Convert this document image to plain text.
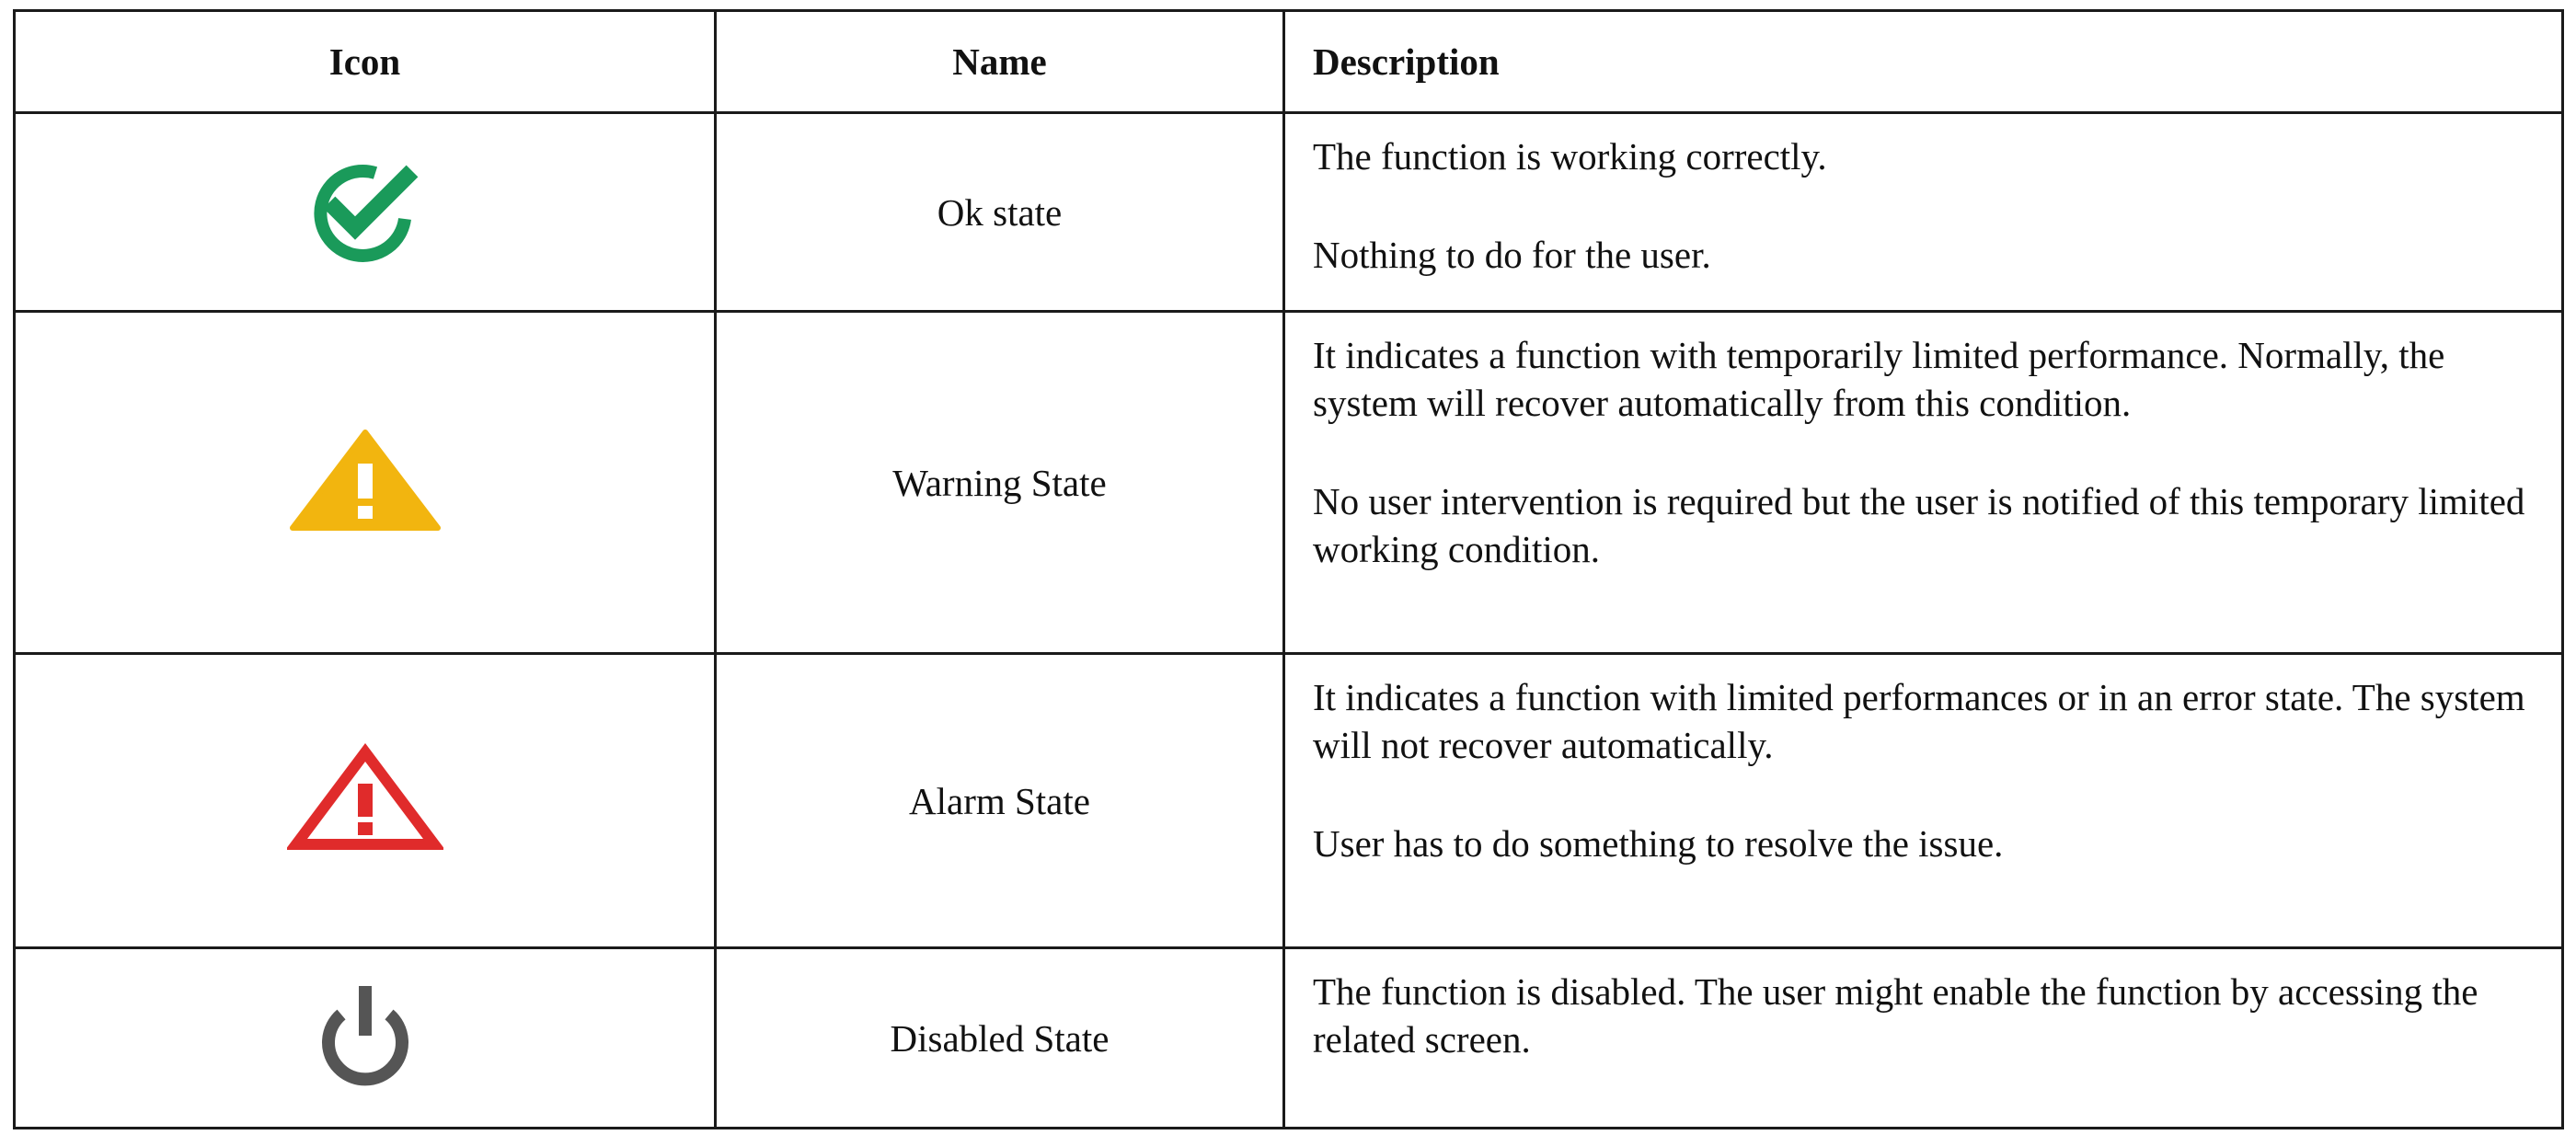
Icon	Name	Description
	Ok state	The function is working correctly.

Nothing to do for the user.

	Warning State	It indicates a function with temporarily limited performance. Normally, the system will recover automatically from this condition.

No user intervention is required but the user is notified of this temporary limited working condition.

	Alarm State	It indicates a function with limited performances or in an error state. The system will not recover automatically.

User has to do something to resolve the issue.

	Disabled State	The function is disabled. The user might enable the function by accessing the related screen.
